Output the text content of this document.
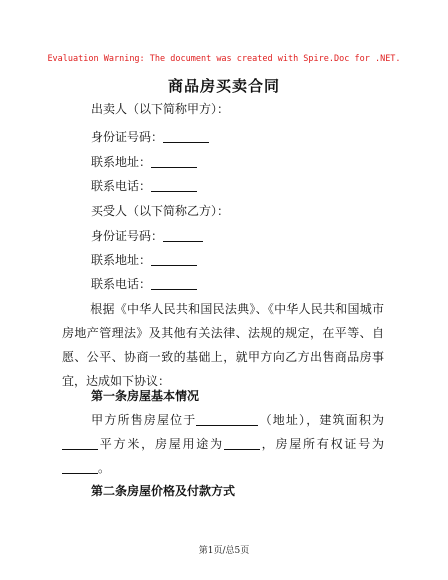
Evaluation Warning: The document was created with Spire.Doc for .NET.
商品房买卖合同
出卖人（以下简称甲方）：
身份证号码：
联系地址：
联系电话：
买受人（以下简称乙方）：
身份证号码：
联系地址：
联系电话：
根据《中华人民共和国民法典》、《中华人民共和国城市房地产管理法》及其他有关法律、法规的规定，在平等、自愿、公平、协商一致的基础上，就甲方向乙方出售商品房事宜，达成如下协议：
第一条房屋基本情况
甲方所售房屋位于	（地址），建筑面积为平方米，房屋用途为	，房屋所有权证号为。
第二条房屋价格及付款方式
第1页/总5页
